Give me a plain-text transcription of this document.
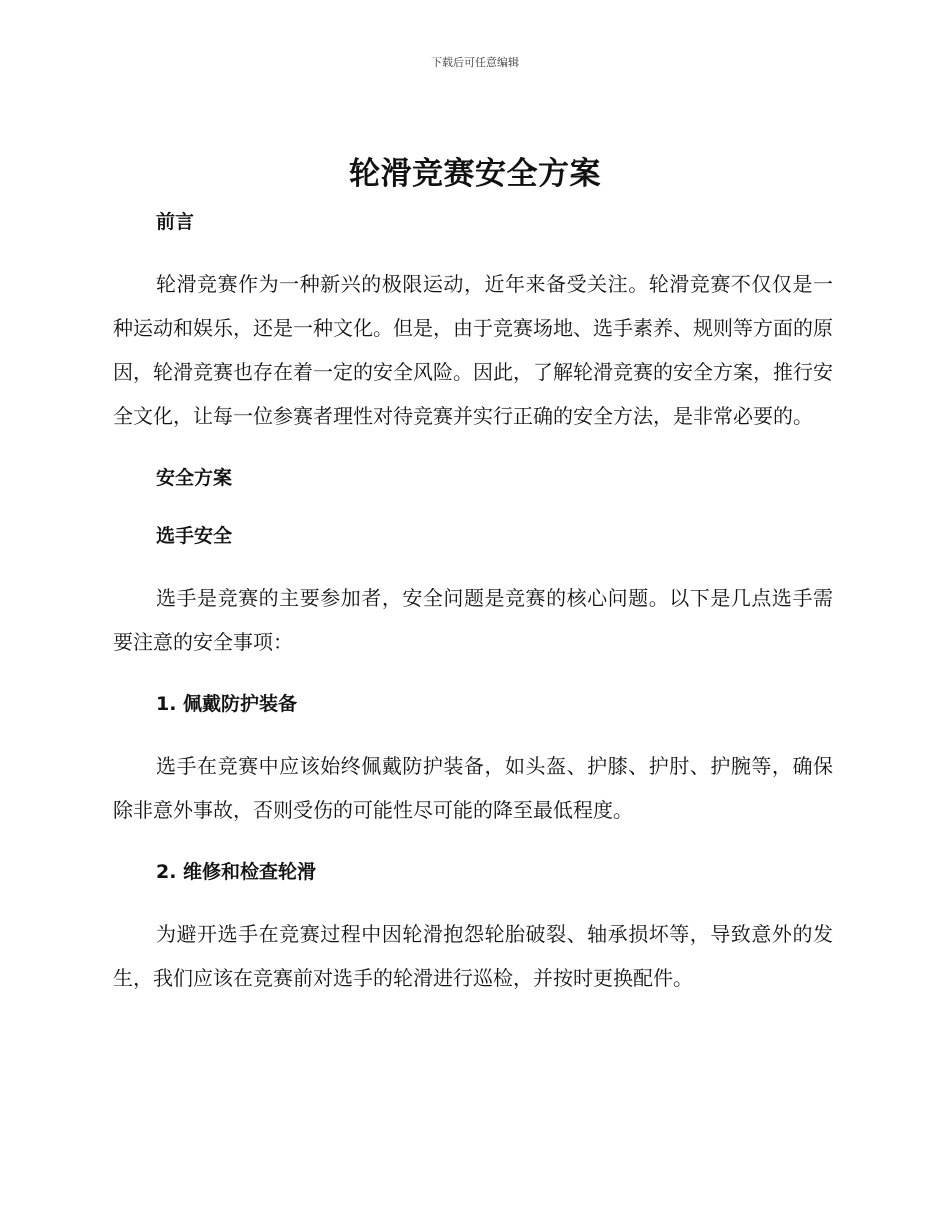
下载后可任意编辑
轮滑竞赛安全方案

前言

轮滑竞赛作为一种新兴的极限运动，近年来备受关注。轮滑竞赛不仅仅是一种运动和娱乐，还是一种文化。但是，由于竞赛场地、选手素养、规则等方面的原因，轮滑竞赛也存在着一定的安全风险。因此，了解轮滑竞赛的安全方案，推行安全文化，让每一位参赛者理性对待竞赛并实行正确的安全方法，是非常必要的。

安全方案

选手安全

选手是竞赛的主要参加者，安全问题是竞赛的核心问题。以下是几点选手需要注意的安全事项：

1. 佩戴防护装备

选手在竞赛中应该始终佩戴防护装备，如头盔、护膝、护肘、护腕等，确保除非意外事故，否则受伤的可能性尽可能的降至最低程度。

2. 维修和检查轮滑

为避开选手在竞赛过程中因轮滑抱怨轮胎破裂、轴承损坏等，导致意外的发生，我们应该在竞赛前对选手的轮滑进行巡检，并按时更换配件。
